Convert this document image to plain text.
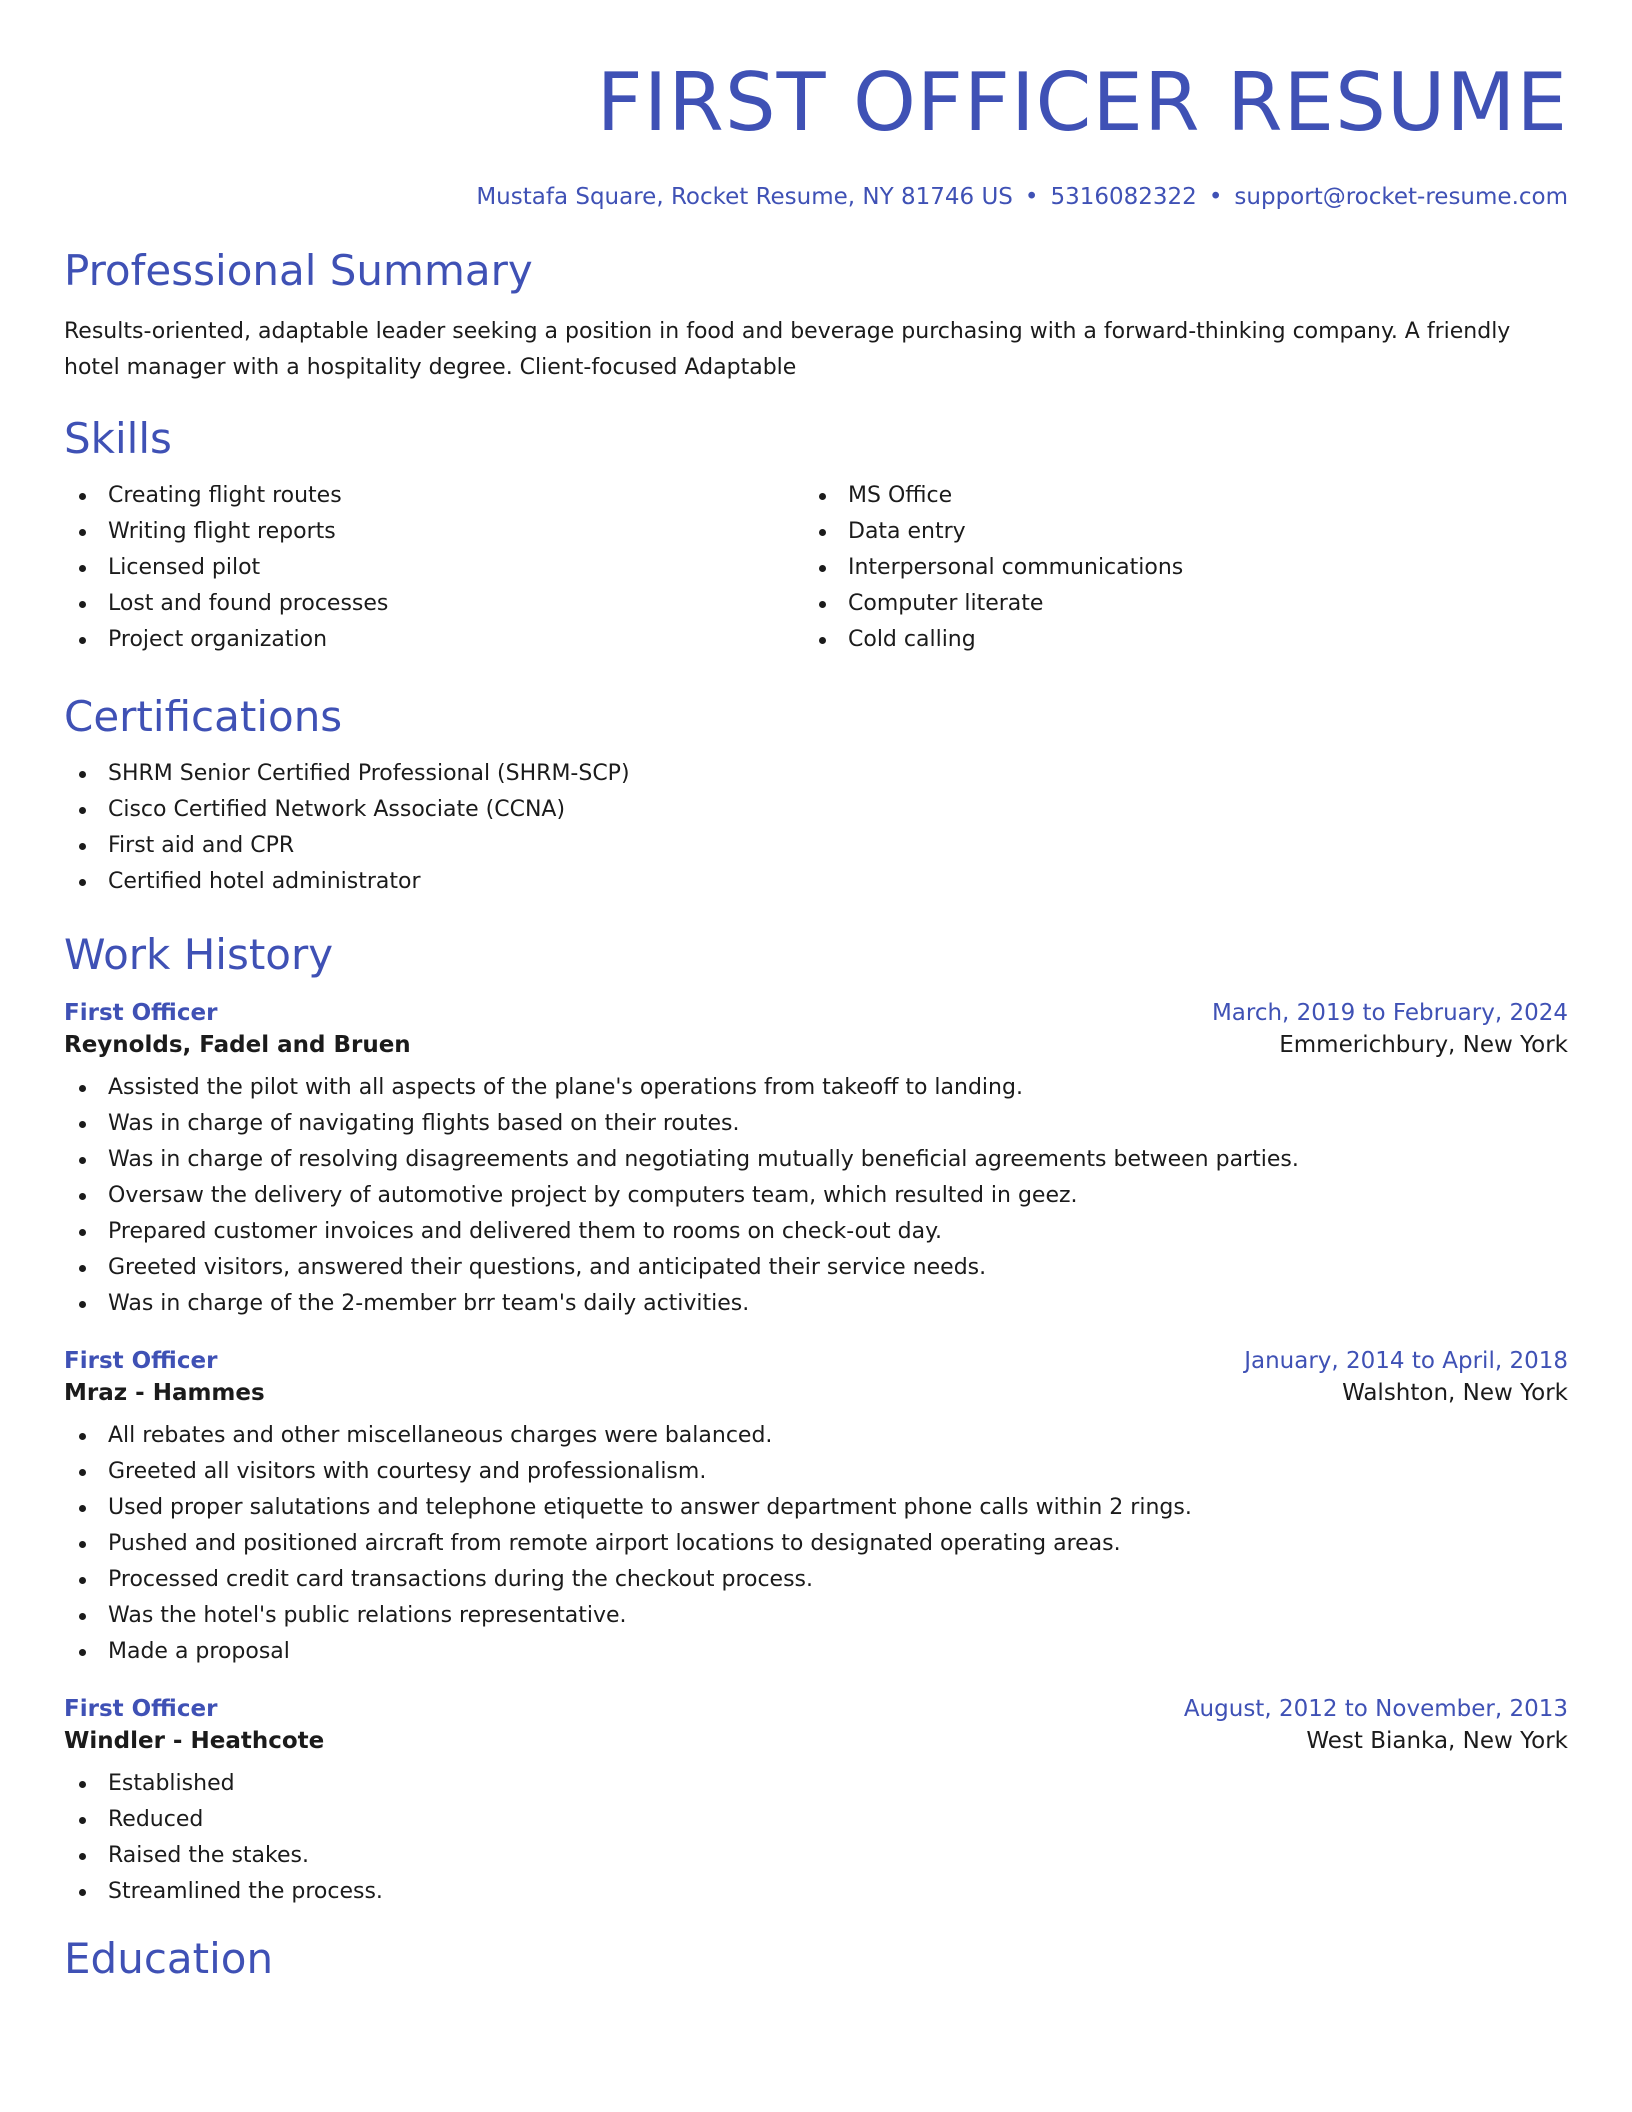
FIRST OFFICER RESUME
Mustafa Square, Rocket Resume, NY 81746 US • 5316082322 • support@rocket-resume.com
Professional Summary

Results-oriented, adaptable leader seeking a position in food and beverage purchasing with a forward-thinking company. A friendly hotel manager with a hospitality degree. Client-focused Adaptable

Skills
Creating flight routes
Writing flight reports
Licensed pilot
Lost and found processes
Project organization
MS Office
Data entry
Interpersonal communications
Computer literate
Cold calling
Certifications
SHRM Senior Certified Professional (SHRM-SCP)
Cisco Certified Network Associate (CCNA)
First aid and CPR
Certified hotel administrator
Work History
First Officer	March, 2019 to February, 2024
Reynolds, Fadel and Bruen	Emmerichbury, New York
Assisted the pilot with all aspects of the plane's operations from takeoff to landing.
Was in charge of navigating flights based on their routes.
Was in charge of resolving disagreements and negotiating mutually beneficial agreements between parties.
Oversaw the delivery of automotive project by computers team, which resulted in geez.
Prepared customer invoices and delivered them to rooms on check-out day.
Greeted visitors, answered their questions, and anticipated their service needs.
Was in charge of the 2-member brr team's daily activities.
First Officer	January, 2014 to April, 2018
Mraz - Hammes	Walshton, New York
All rebates and other miscellaneous charges were balanced.
Greeted all visitors with courtesy and professionalism.
Used proper salutations and telephone etiquette to answer department phone calls within 2 rings.
Pushed and positioned aircraft from remote airport locations to designated operating areas.
Processed credit card transactions during the checkout process.
Was the hotel's public relations representative.
Made a proposal
First Officer	August, 2012 to November, 2013
Windler - Heathcote	West Bianka, New York
Established
Reduced
Raised the stakes.
Streamlined the process.
Education
